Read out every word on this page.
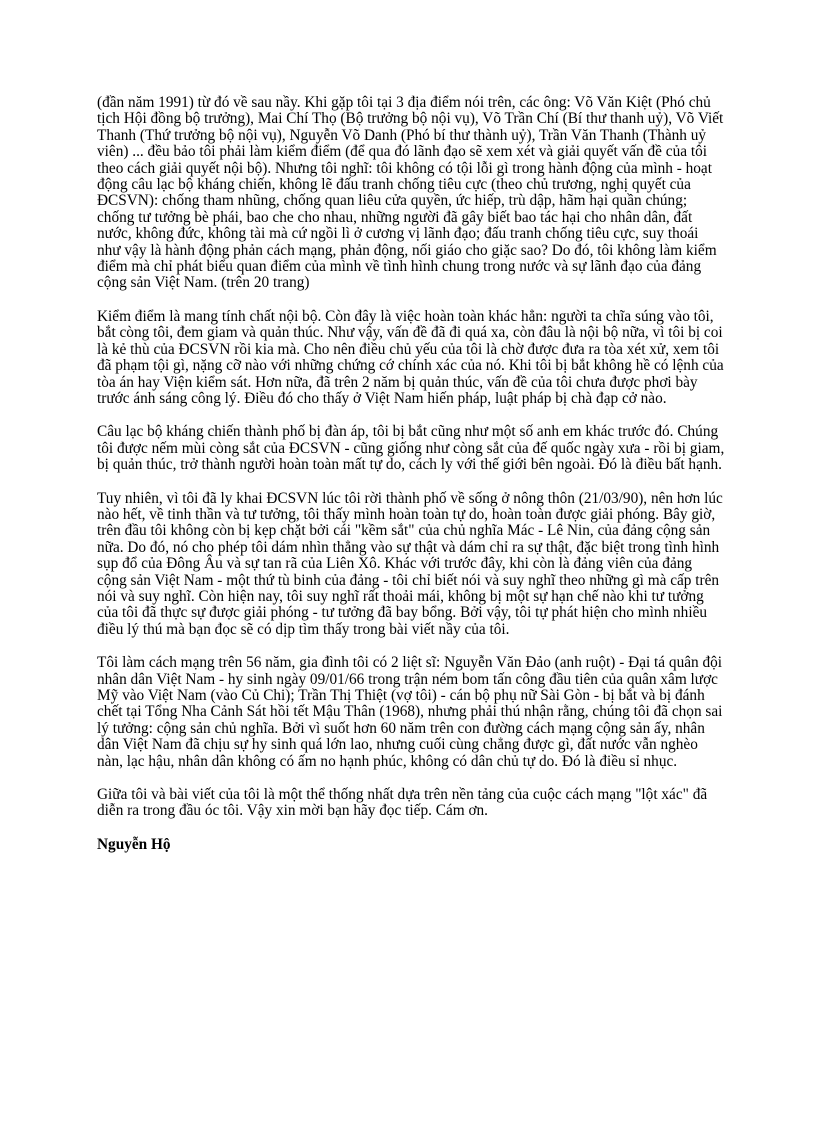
(đần năm 1991) từ đó về sau nầy. Khi gặp tôi tại 3 địa điểm nói trên, các ông: Võ Văn Kiệt (Phó chủ tịch Hội đồng bộ trưởng), Mai Chí Thọ (Bộ trưởng bộ nội vụ), Võ Trần Chí (Bí thư thanh uỷ), Võ Viết Thanh (Thứ trưởng bộ nội vụ), Nguyễn Võ Danh (Phó bí thư thành uỷ), Trần Văn Thanh (Thành uỷ viên) ... đều bảo tôi phải làm kiểm điểm (để qua đó lãnh đạo sẽ xem xét và giải quyết vấn đề của tôi theo cách giải quyết nội bộ). Nhưng tôi nghĩ: tôi không có tội lỗi gì trong hành động của mình - hoạt động câu lạc bộ kháng chiến, không lẽ đấu tranh chống tiêu cực (theo chủ trương, nghị quyết của ĐCSVN): chống tham nhũng, chống quan liêu cửa quyền, ức hiếp, trù dập, hãm hại quần chúng; chống tư tưởng bè phái, bao che cho nhau, những người đã gây biết bao tác hại cho nhân dân, đất nước, không đức, không tài mà cứ ngồi lì ở cương vị lãnh đạo; đấu tranh chống tiêu cực, suy thoái như vậy là hành động phản cách mạng, phản động, nối giáo cho giặc sao? Do đó, tôi không làm kiểm điểm mà chỉ phát biểu quan điểm của mình về tình hình chung trong nước và sự lãnh đạo của đảng cộng sản Việt Nam. (trên 20 trang)

Kiểm điểm là mang tính chất nội bộ. Còn đây là việc hoàn toàn khác hẳn: người ta chĩa súng vào tôi, bắt còng tôi, đem giam và quản thúc. Như vậy, vấn đề đã đi quá xa, còn đâu là nội bộ nữa, vì tôi bị coi là kẻ thù của ĐCSVN rồi kia mà. Cho nên điều chủ yếu của tôi là chờ được đưa ra tòa xét xử, xem tôi đã phạm tội gì, nặng cỡ nào với những chứng cớ chính xác của nó. Khi tôi bị bắt không hề có lệnh của tòa án hay Viện kiểm sát. Hơn nữa, đã trên 2 năm bị quản thúc, vấn đề của tôi chưa được phơi bày trước ánh sáng công lý. Điều đó cho thấy ở Việt Nam hiến pháp, luật pháp bị chà đạp cở nào.

Câu lạc bộ kháng chiến thành phố bị đàn áp, tôi bị bắt cũng như một số anh em khác trước đó. Chúng tôi được nếm mùi còng sắt của ĐCSVN - cũng giống như còng sắt của đế quốc ngày xưa - rồi bị giam, bị quản thúc, trở thành người hoàn toàn mất tự do, cách ly với thế giới bên ngoài. Đó là điều bất hạnh.

Tuy nhiên, vì tôi đã ly khai ĐCSVN lúc tôi rời thành phố về sống ở nông thôn (21/03/90), nên hơn lúc nào hết, về tinh thần và tư tưởng, tôi thấy mình hoàn toàn tự do, hoàn toàn được giải phóng. Bây giờ, trên đầu tôi không còn bị kẹp chặt bởi cái "kềm sắt" của chủ nghĩa Mác - Lê Nin, của đảng cộng sản nữa. Do đó, nó cho phép tôi dám nhìn thẳng vào sự thật và dám chỉ ra sự thật, đặc biệt trong tình hình sụp đổ của Đông Âu và sự tan rã của Liên Xô. Khác với trước đây, khi còn là đảng viên của đảng cộng sản Việt Nam - một thứ tù binh của đảng - tôi chỉ biết nói và suy nghĩ theo những gì mà cấp trên nói và suy nghĩ. Còn hiện nay, tôi suy nghĩ rất thoải mái, không bị một sự hạn chế nào khi tư tưởng của tôi đã thực sự được giải phóng - tư tưởng đã bay bổng. Bởi vậy, tôi tự phát hiện cho mình nhiều điều lý thú mà bạn đọc sẽ có dịp tìm thấy trong bài viết nầy của tôi.

Tôi làm cách mạng trên 56 năm, gia đình tôi có 2 liệt sĩ: Nguyễn Văn Đảo (anh ruột) - Đại tá quân đội nhân dân Việt Nam - hy sinh ngày 09/01/66 trong trận ném bom tấn công đầu tiên của quân xâm lược Mỹ vào Việt Nam (vào Củ Chi); Trần Thị Thiệt (vợ tôi) - cán bộ phụ nữ Sài Gòn - bị bắt và bị đánh chết tại Tổng Nha Cảnh Sát hồi tết Mậu Thân (1968), nhưng phải thú nhận rằng, chúng tôi đã chọn sai lý tưởng: cộng sản chủ nghĩa. Bởi vì suốt hơn 60 năm trên con đường cách mạng cộng sản ấy, nhân dân Việt Nam đã chịu sự hy sinh quá lớn lao, nhưng cuối cùng chẳng được gì, đất nước vẫn nghèo nàn, lạc hậu, nhân dân không có ấm no hạnh phúc, không có dân chủ tự do. Đó là điều sỉ nhục.

Giữa tôi và bài viết của tôi là một thể thống nhất dựa trên nền tảng của cuộc cách mạng "lột xác" đã diễn ra trong đầu óc tôi. Vậy xin mời bạn hãy đọc tiếp. Cám ơn.

Nguyễn Hộ
